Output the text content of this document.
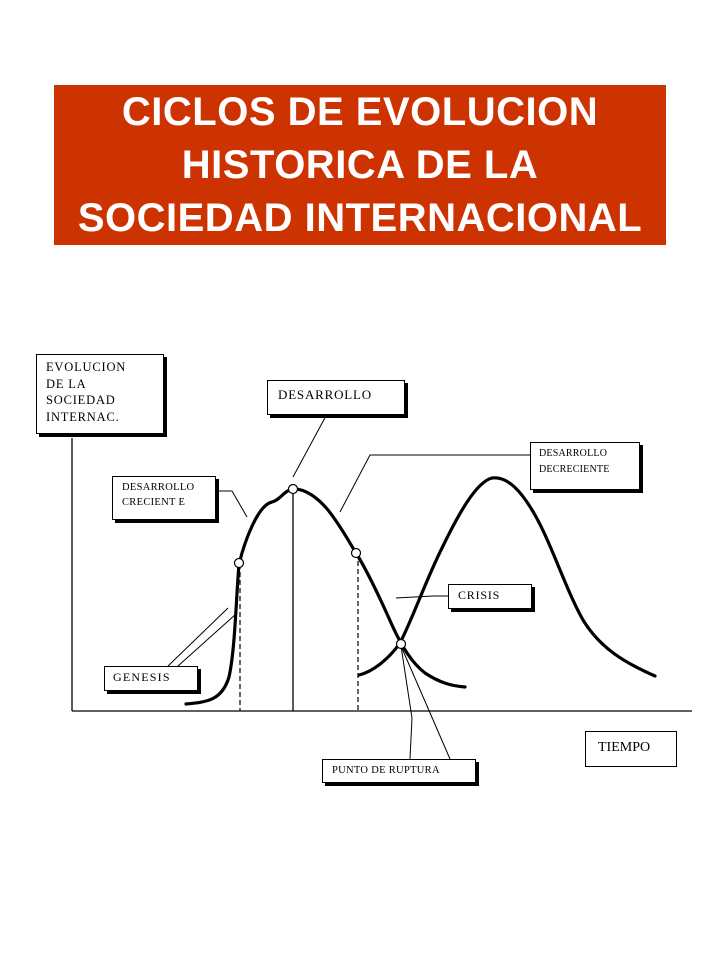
CICLOS DE EVOLUCION
HISTORICA DE LA
SOCIEDAD INTERNACIONAL
EVOLUCION
DE LA
SOCIEDAD
INTERNAC.
DESARROLLO
DESARROLLO
CRECIENT E
DESARROLLO
DECRECIENTE
CRISIS
GENESIS
PUNTO DE RUPTURA
TIEMPO
